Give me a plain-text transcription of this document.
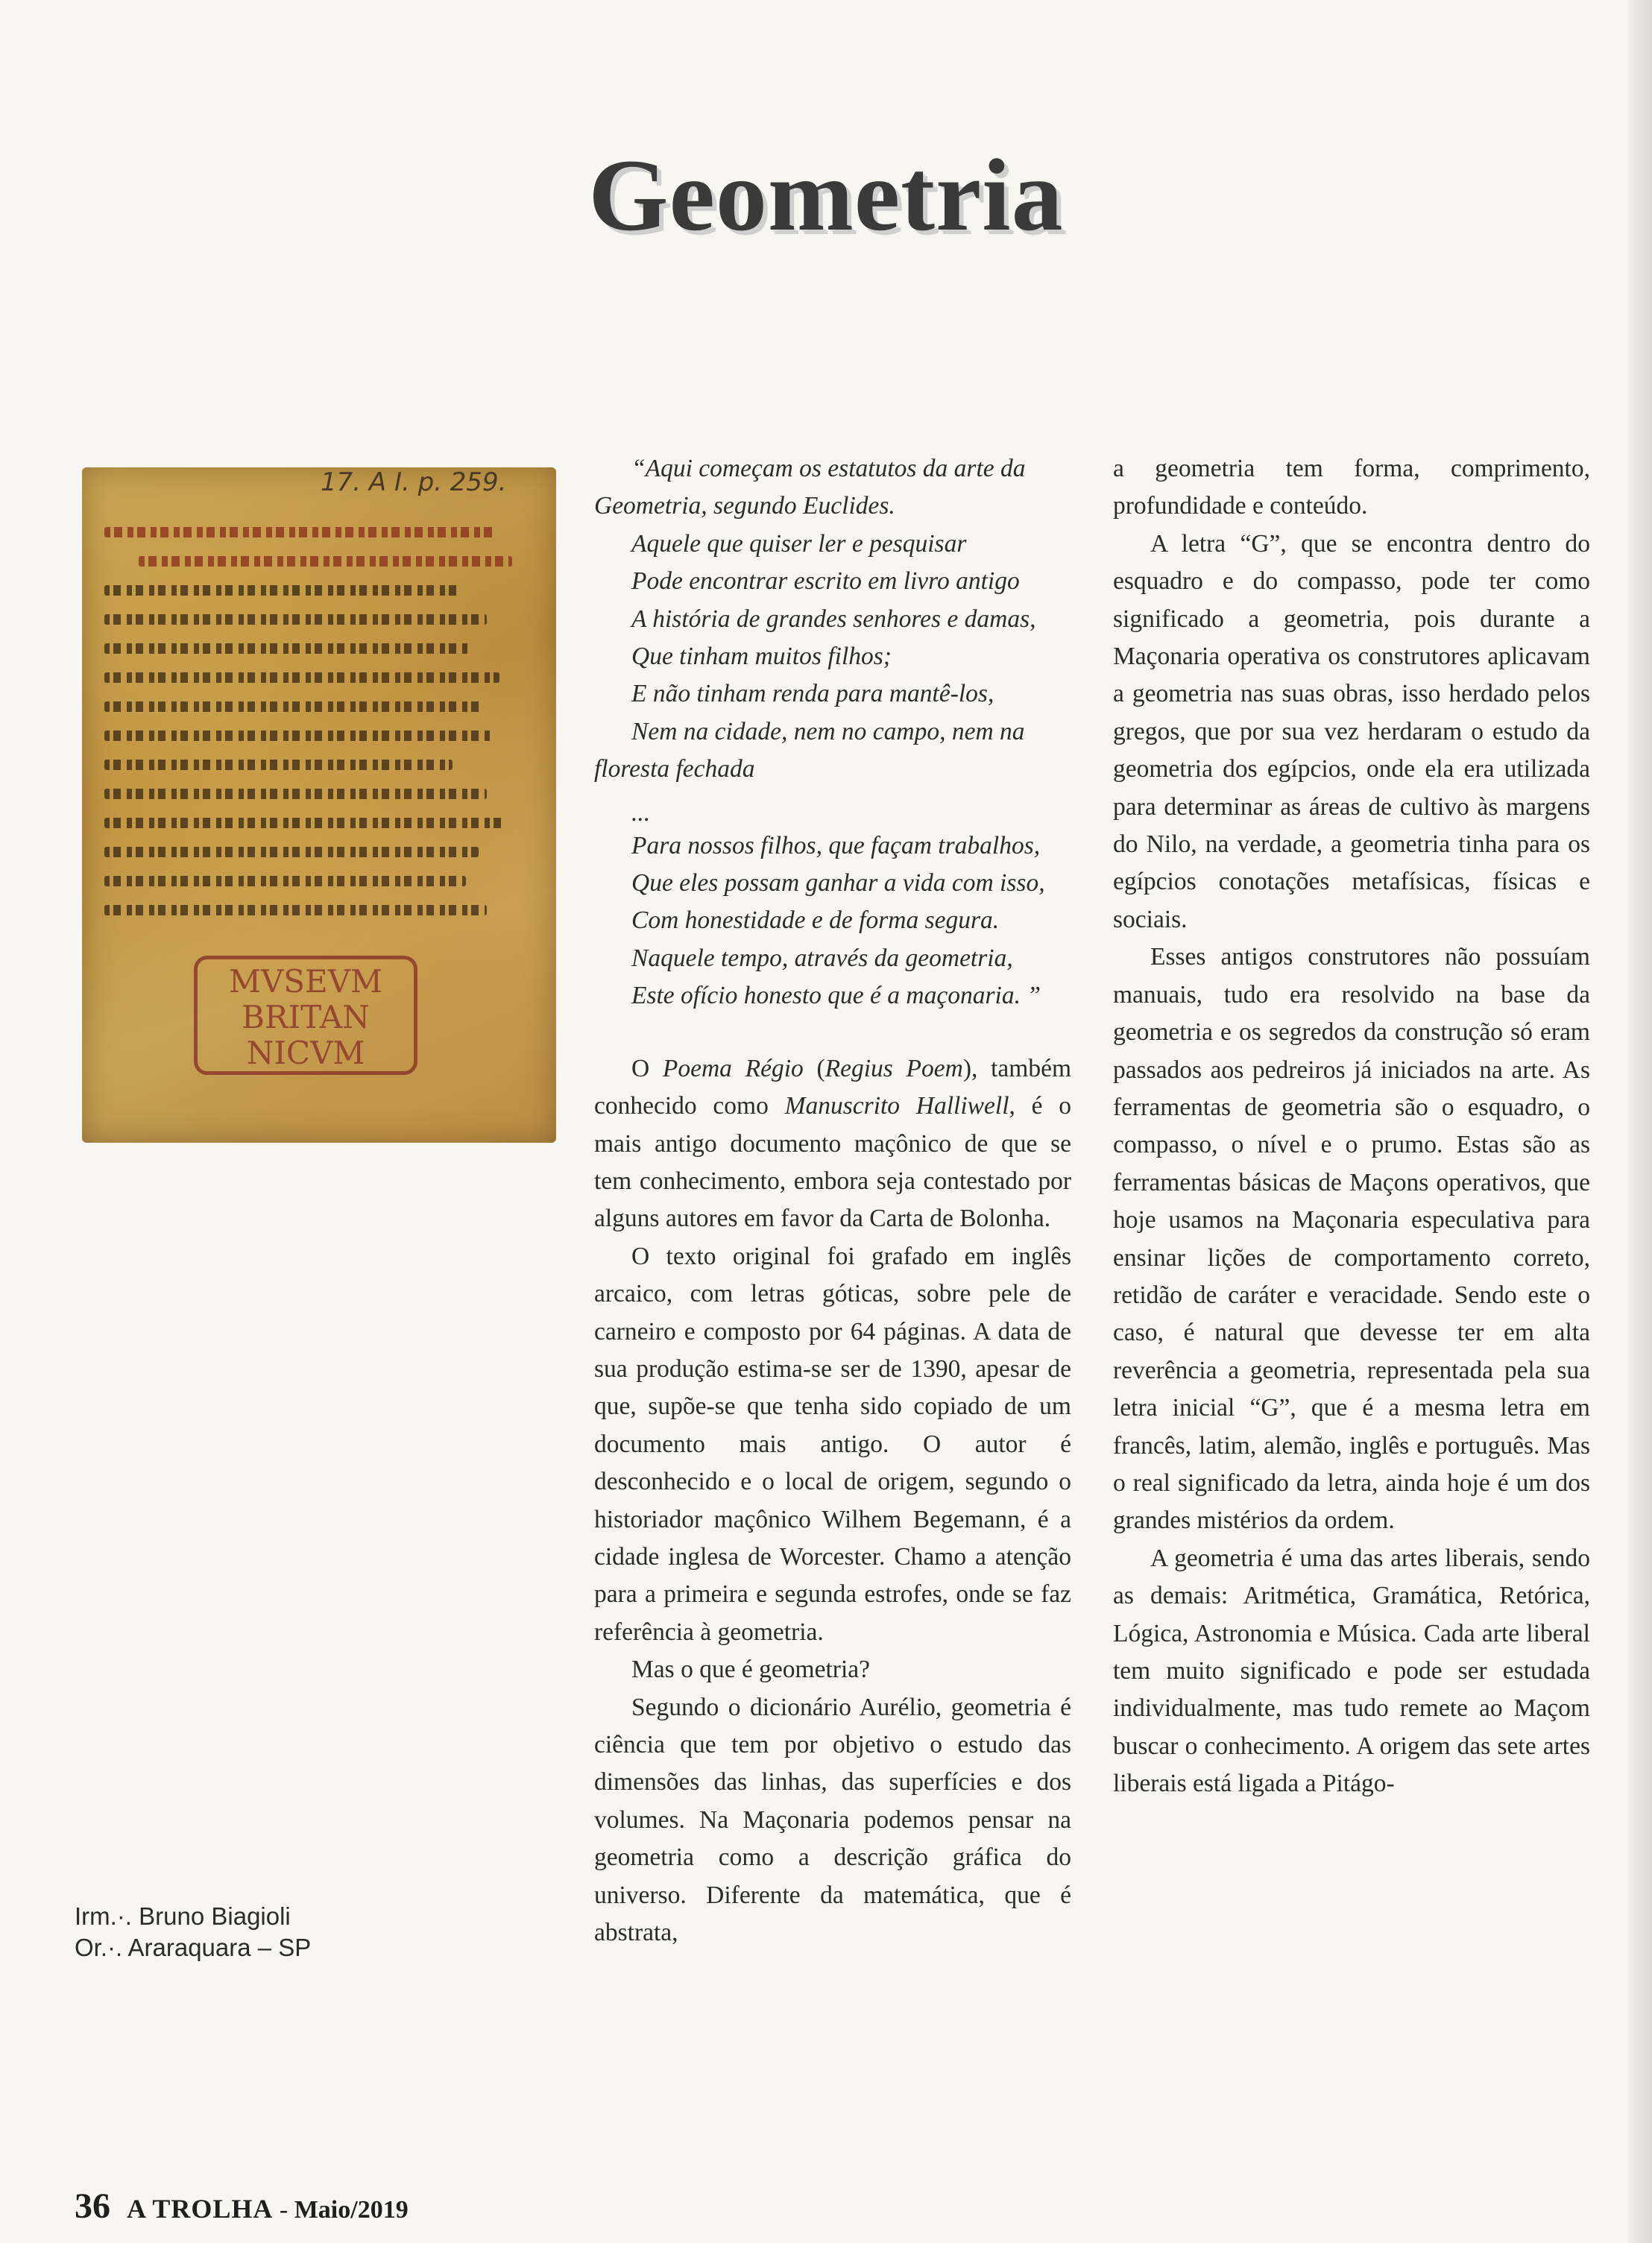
Geometria
17. A I. p. 259.
MVSEVM
BRITAN
NICVM
Irm.·. Bruno Biagioli
Or.·. Araraquara – SP

“Aqui começam os estatutos da arte da Geometria, segundo Euclides.

Aquele que quiser ler e pesquisar

Pode encontrar escrito em livro antigo

A história de grandes senhores e damas,

Que tinham muitos filhos;

E não tinham renda para mantê-los,

Nem na cidade, nem no campo, nem na floresta fechada

...

Para nossos filhos, que façam trabalhos,

Que eles possam ganhar a vida com isso,

Com honestidade e de forma segura.

Naquele tempo, através da geometria,

Este ofício honesto que é a maçonaria. ”

O Poema Régio (Regius Poem), também conhecido como Manuscrito Halliwell, é o mais antigo documento maçônico de que se tem conhecimento, embora seja contestado por alguns autores em favor da Carta de Bolonha.

O texto original foi grafado em inglês arcaico, com letras góticas, sobre pele de carneiro e composto por 64 páginas. A data de sua produção estima-se ser de 1390, apesar de que, supõe-se que tenha sido copiado de um documento mais antigo. O autor é desconhecido e o local de origem, segundo o historiador maçônico Wilhem Begemann, é a cidade inglesa de Worcester. Chamo a atenção para a primeira e segunda estrofes, onde se faz referência à geometria.

Mas o que é geometria?

Segundo o dicionário Aurélio, geometria é ciência que tem por objetivo o estudo das dimensões das linhas, das superfícies e dos volumes. Na Maçonaria podemos pensar na geometria como a descrição gráfica do universo. Diferente da matemática, que é abstrata,

a geometria tem forma, comprimento, profundidade e conteúdo.

A letra “G”, que se encontra dentro do esquadro e do compasso, pode ter como significado a geometria, pois durante a Maçonaria operativa os construtores aplicavam a geometria nas suas obras, isso herdado pelos gregos, que por sua vez herdaram o estudo da geometria dos egípcios, onde ela era utilizada para determinar as áreas de cultivo às margens do Nilo, na verdade, a geometria tinha para os egípcios conotações metafísicas, físicas e sociais.

Esses antigos construtores não possuíam manuais, tudo era resolvido na base da geometria e os segredos da construção só eram passados aos pedreiros já iniciados na arte. As ferramentas de geometria são o esquadro, o compasso, o nível e o prumo. Estas são as ferramentas básicas de Maçons operativos, que hoje usamos na Maçonaria especulativa para ensinar lições de comportamento correto, retidão de caráter e veracidade. Sendo este o caso, é natural que devesse ter em alta reverência a geometria, representada pela sua letra inicial “G”, que é a mesma letra em francês, latim, alemão, inglês e português. Mas o real significado da letra, ainda hoje é um dos grandes mistérios da ordem.

A geometria é uma das artes liberais, sendo as demais: Aritmética, Gramática, Retórica, Lógica, Astronomia e Música. Cada arte liberal tem muito significado e pode ser estudada individualmente, mas tudo remete ao Maçom buscar o conhecimento. A origem das sete artes liberais está ligada a Pitágo-

36 A TROLHA - Maio/2019
